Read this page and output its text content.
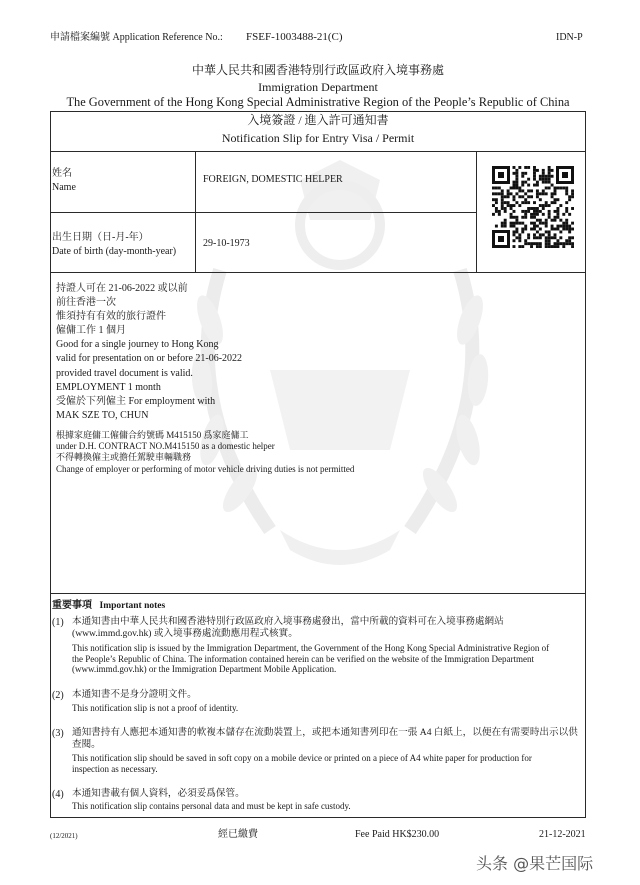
申請檔案編號 Application Reference No.: FSEF-1003488-21(C)	IDN-P
中華人民共和國香港特別行政區政府入境事務處
Immigration Department
The Government of the Hong Kong Special Administrative Region of the People’s Republic of China
入境簽證 / 進入許可通知書
Notification Slip for Entry Visa / Permit
姓名
Name
FOREIGN, DOMESTIC HELPER
出生日期（日-月-年）
Date of birth (day-month-year)
29-10-1973
持證人可在 21-06-2022 或以前
前往香港一次
惟須持有有效的旅行證件
僱傭工作 1 個月
Good for a single journey to Hong Kong
valid for presentation on or before 21-06-2022
provided travel document is valid.
EMPLOYMENT 1 month
受僱於下列僱主 For employment with
MAK SZE TO, CHUN
根據家庭傭工僱傭合約號碼 M415150 爲家庭傭工
under D.H. CONTRACT NO.M415150 as a domestic helper
不得轉換僱主或擔任駕駛車輛職務
Change of employer or performing of motor vehicle driving duties is not permitted
重要事項 Important notes
(1) 本通知書由中華人民共和國香港特別行政區政府入境事務處發出，當中所載的資料可在入境事務處網站
(www.immd.gov.hk) 或入境事務處流動應用程式核實。
This notification slip is issued by the Immigration Department, the Government of the Hong Kong Special Administrative Region of
the People’s Republic of China. The information contained herein can be verified on the website of the Immigration Department
(www.immd.gov.hk) or the Immigration Department Mobile Application.
(2) 本通知書不是身分證明文件。
This notification slip is not a proof of identity.
(3) 通知書持有人應把本通知書的軟複本儲存在流動裝置上，或把本通知書列印在一張 A4 白紙上，以便在有需要時出示以供
查閱。
This notification slip should be saved in soft copy on a mobile device or printed on a piece of A4 white paper for production for
inspection as necessary.
(4) 本通知書載有個人資料，必須妥爲保管。
This notification slip contains personal data and must be kept in safe custody.
(12/2021)	經已繳費	Fee Paid HK$230.00	21-12-2021
头条 @果芒国际
